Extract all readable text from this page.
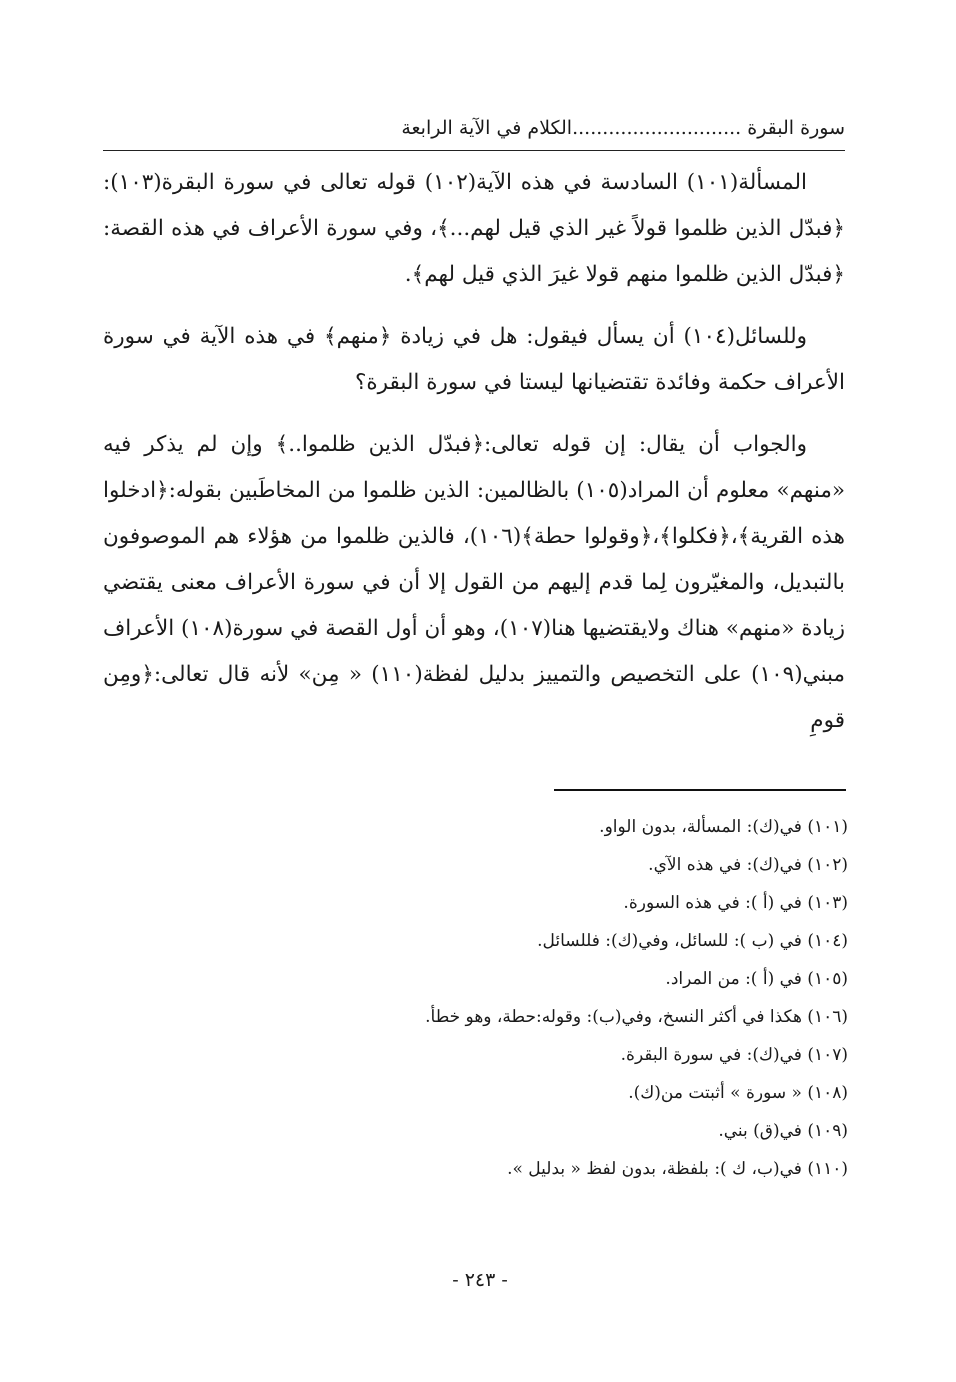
سورة البقرة ............................الكلام في الآية الرابعة

المسألة(١٠١) السادسة في هذه الآية(١٠٢) قوله تعالى في سورة البقرة(١٠٣):﴿فبدّل الذين ظلموا قولاً غير الذي قيل لهم...﴾، وفي سورة الأعراف في هذه القصة:﴿فبدّل الذين ظلموا منهم قولا غيرَ الذي قيل لهم﴾.

وللسائل(١٠٤) أن يسأل فيقول: هل في زيادة ﴿منهم﴾ في هذه الآية في سورة الأعراف حكمة وفائدة تقتضيانها ليستا في سورة البقرة؟

والجواب أن يقال: إن قوله تعالى:﴿فبدّل الذين ظلموا..﴾ وإن لم يذكر فيه «منهم» معلوم أن المراد(١٠٥) بالظالمين: الذين ظلموا من المخاطَبين بقوله:﴿ادخلوا هذه القرية﴾،﴿فكلوا﴾،﴿وقولوا حطة﴾(١٠٦)، فالذين ظلموا من هؤلاء هم الموصوفون بالتبديل، والمغيّرون لِما قدم إليهم من القول إلا أن في سورة الأعراف معنى يقتضي زيادة «منهم» هناك ولايقتضيها هنا(١٠٧)، وهو أن أول القصة في سورة(١٠٨) الأعراف مبني(١٠٩) على التخصيص والتمييز بدليل لفظة(١١٠) « مِن» لأنه قال تعالى:﴿ومِن قومِ

(١٠١) في(ك): المسألة، بدون الواو.
(١٠٢) في(ك): في هذه الآي.
(١٠٣) في (أ ): في هذه السورة.
(١٠٤) في (ب ): للسائل، وفي(ك): فللسائل.
(١٠٥) في (أ ): من المراد.
(١٠٦) هكذا في أكثر النسخ، وفي(ب): وقوله:حطة، وهو خطأ.
(١٠٧) في(ك): في سورة البقرة.
(١٠٨) « سورة » أثبتت من(ك).
(١٠٩) في(ق) بني.
(١١٠) في(ب، ك ): بلفظة، بدون لفظ « بدليل ».
- ٢٤٣ -
